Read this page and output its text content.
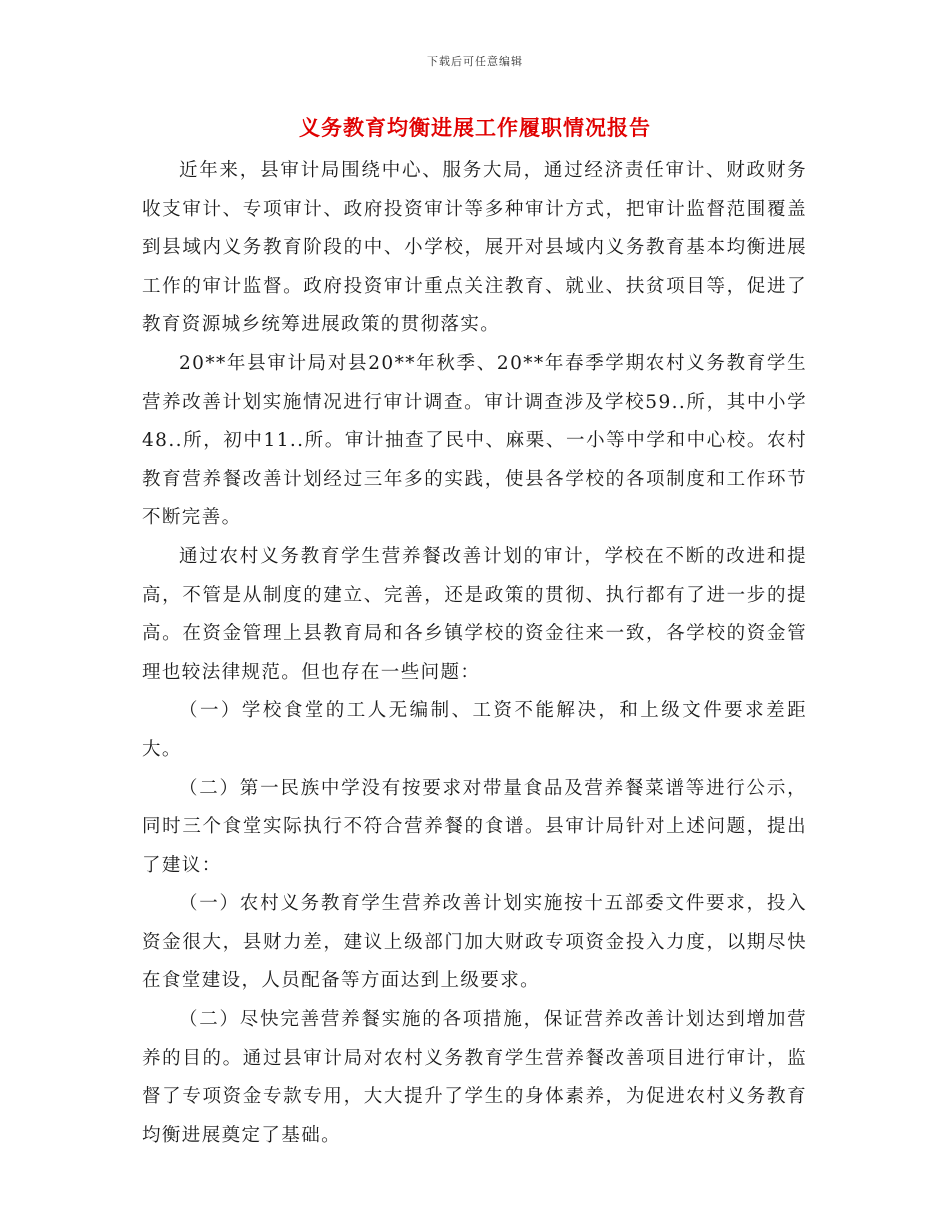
下载后可任意编辑
义务教育均衡进展工作履职情况报告

近年来，县审计局围绕中心、服务大局，通过经济责任审计、财政财务收支审计、专项审计、政府投资审计等多种审计方式，把审计监督范围覆盖到县域内义务教育阶段的中、小学校，展开对县域内义务教育基本均衡进展工作的审计监督。政府投资审计重点关注教育、就业、扶贫项目等，促进了教育资源城乡统筹进展政策的贯彻落实。

20**年县审计局对县20**年秋季、20**年春季学期农村义务教育学生营养改善计划实施情况进行审计调查。审计调查涉及学校59..所，其中小学48..所，初中11..所。审计抽查了民中、麻栗、一小等中学和中心校。农村教育营养餐改善计划经过三年多的实践，使县各学校的各项制度和工作环节不断完善。

通过农村义务教育学生营养餐改善计划的审计，学校在不断的改进和提高，不管是从制度的建立、完善，还是政策的贯彻、执行都有了进一步的提高。在资金管理上县教育局和各乡镇学校的资金往来一致，各学校的资金管理也较法律规范。但也存在一些问题：

（一）学校食堂的工人无编制、工资不能解决，和上级文件要求差距大。

（二）第一民族中学没有按要求对带量食品及营养餐菜谱等进行公示，同时三个食堂实际执行不符合营养餐的食谱。县审计局针对上述问题，提出了建议：

（一）农村义务教育学生营养改善计划实施按十五部委文件要求，投入资金很大，县财力差，建议上级部门加大财政专项资金投入力度，以期尽快在食堂建设，人员配备等方面达到上级要求。

（二）尽快完善营养餐实施的各项措施，保证营养改善计划达到增加营养的目的。通过县审计局对农村义务教育学生营养餐改善项目进行审计，监督了专项资金专款专用，大大提升了学生的身体素养，为促进农村义务教育均衡进展奠定了基础。
